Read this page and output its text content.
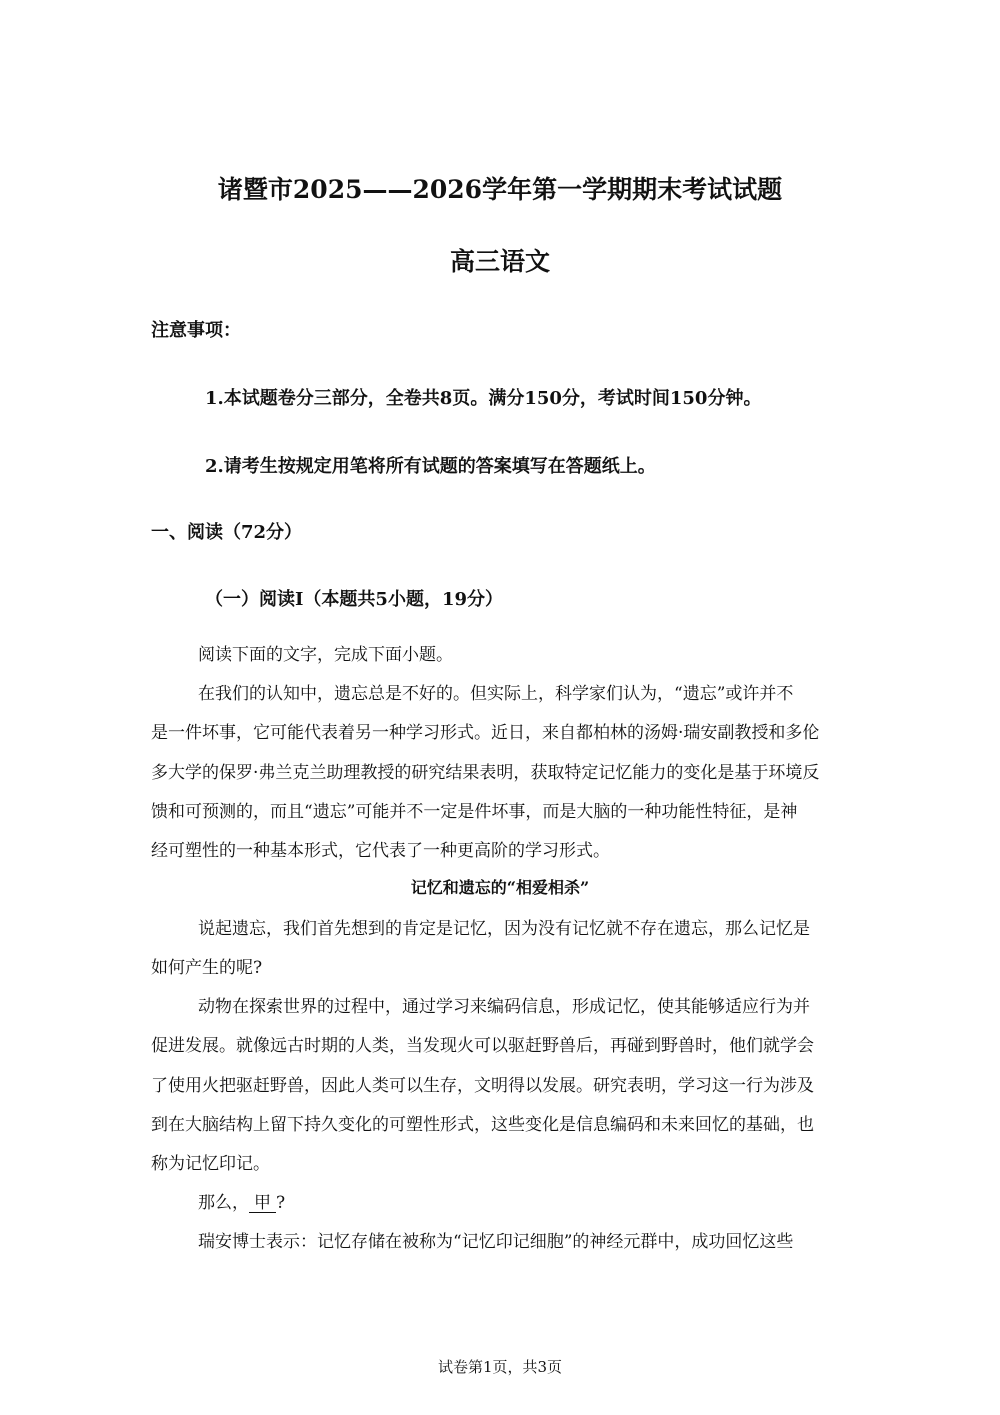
诸暨市2025——2026学年第一学期期末考试试题
高三语文
注意事项：
1.本试题卷分三部分，全卷共8页。满分150分，考试时间150分钟。
2.请考生按规定用笔将所有试题的答案填写在答题纸上。
一、阅读（72分）
（一）阅读Ⅰ（本题共5小题，19分）
阅读下面的文字，完成下面小题。
在我们的认知中，遗忘总是不好的。但实际上，科学家们认为，“遗忘”或许并不
是一件坏事，它可能代表着另一种学习形式。近日，来自都柏林的汤姆·瑞安副教授和多伦
多大学的保罗·弗兰克兰助理教授的研究结果表明，获取特定记忆能力的变化是基于环境反
馈和可预测的，而且“遗忘”可能并不一定是件坏事，而是大脑的一种功能性特征，是神
经可塑性的一种基本形式，它代表了一种更高阶的学习形式。
记忆和遗忘的“相爱相杀”
说起遗忘，我们首先想到的肯定是记忆，因为没有记忆就不存在遗忘，那么记忆是
如何产生的呢?
动物在探索世界的过程中，通过学习来编码信息，形成记忆，使其能够适应行为并
促进发展。就像远古时期的人类，当发现火可以驱赶野兽后，再碰到野兽时，他们就学会
了使用火把驱赶野兽，因此人类可以生存，文明得以发展。研究表明，学习这一行为涉及
到在大脑结构上留下持久变化的可塑性形式，这些变化是信息编码和未来回忆的基础，也
称为记忆印记。
那么， 甲 ?
瑞安博士表示：记忆存储在被称为“记忆印记细胞”的神经元群中，成功回忆这些
试卷第1页，共3页
